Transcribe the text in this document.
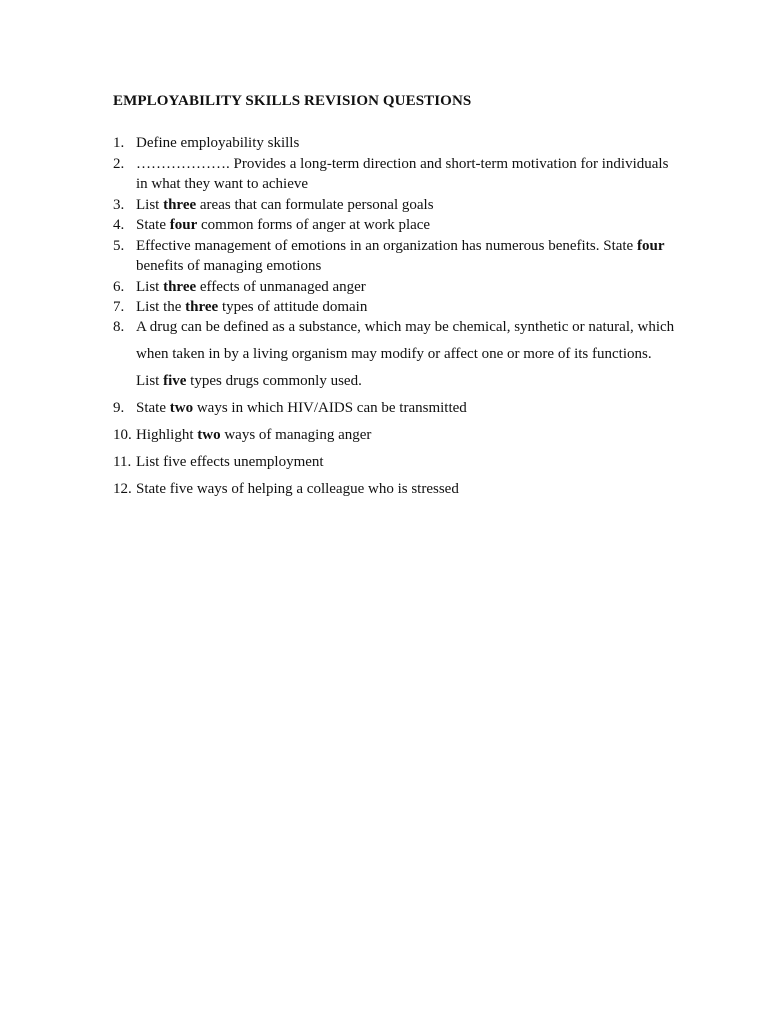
EMPLOYABILITY SKILLS REVISION QUESTIONS
1. Define employability skills
2. ………………. Provides a long-term direction and short-term motivation for individuals in what they want to achieve
3. List three areas that can formulate personal goals
4. State four common forms of anger at work place
5. Effective management of emotions in an organization has numerous benefits. State four benefits of managing emotions
6. List three effects of unmanaged anger
7. List the three types of attitude domain
8. A drug can be defined as a substance, which may be chemical, synthetic or natural, which when taken in by a living organism may modify or affect one or more of its functions. List five types drugs commonly used.
9. State two ways in which HIV/AIDS can be transmitted
10. Highlight two ways of managing anger
11. List five effects unemployment
12. State five ways of helping a colleague who is stressed
